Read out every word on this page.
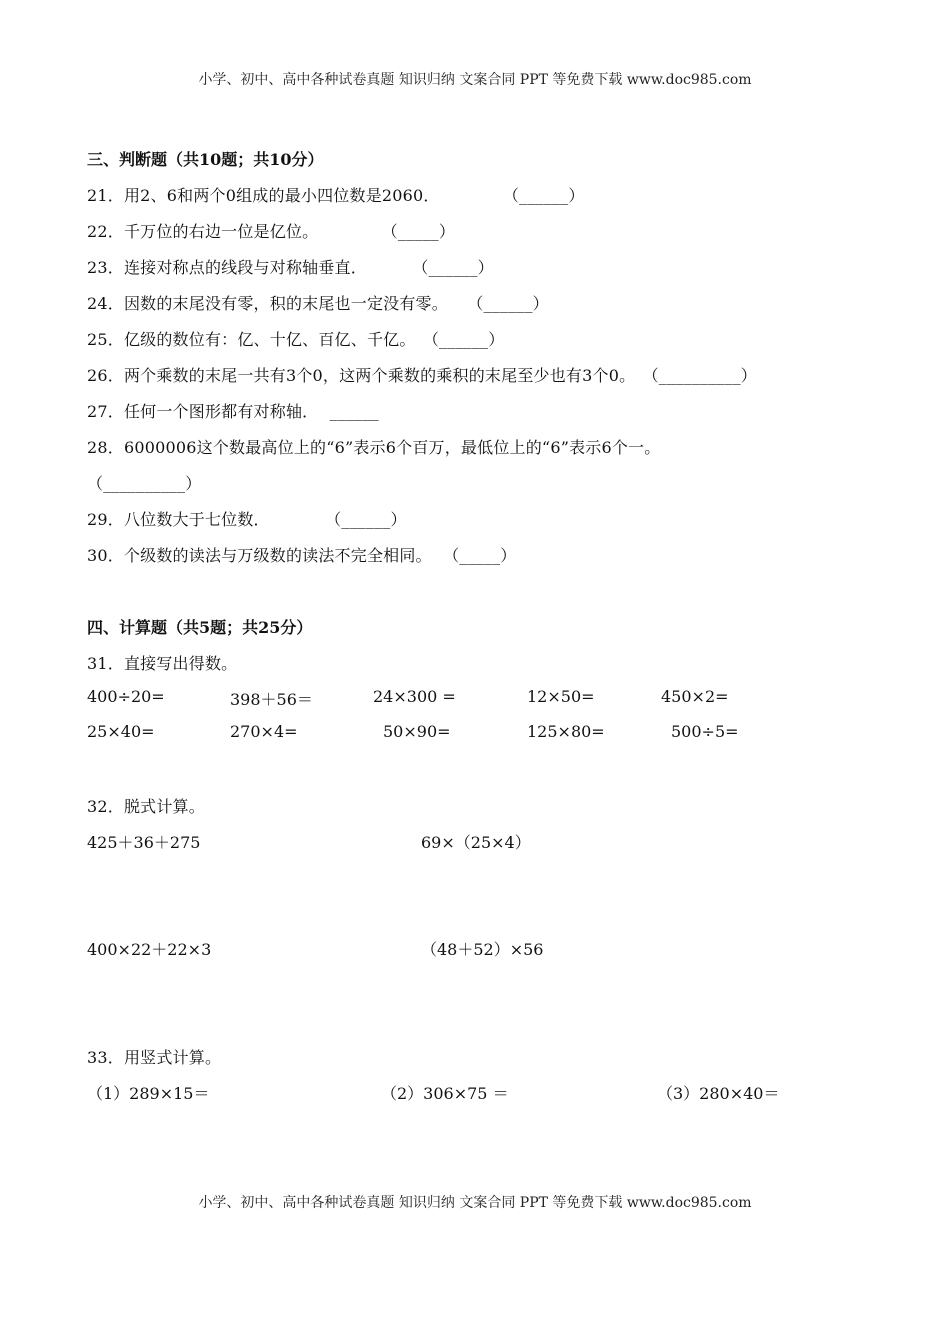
小学、初中、高中各种试卷真题 知识归纳 文案合同 PPT 等免费下载 www.doc985.com
三、判断题（共10题；共10分）
21．用2、6和两个0组成的最小四位数是2060．	（______）
22．千万位的右边一位是亿位。	（_____）
23．连接对称点的线段与对称轴垂直．	（______）
24．因数的末尾没有零，积的末尾也一定没有零。 （______）
25．亿级的数位有：亿、十亿、百亿、千亿。 （______）
26．两个乘数的末尾一共有3个0，这两个乘数的乘积的末尾至少也有3个0。 （__________）
27．任何一个图形都有对称轴． ______
28．6000006这个数最高位上的“6”表示6个百万，最低位上的“6”表示6个一。
（__________）
29．八位数大于七位数．	（______）
30．个级数的读法与万级数的读法不完全相同。 （_____）
四、计算题（共5题；共25分）
31．直接写出得数。
400÷20=	398＋56＝	24×300 =	12×50=	450×2=
25×40=	270×4=	50×90=	125×80=	500÷5=
32．脱式计算。
425＋36＋275	69×（25×4）
400×22＋22×3	（48＋52）×56
33．用竖式计算。
（1）289×15＝	（2）306×75 ＝	（3）280×40＝
小学、初中、高中各种试卷真题 知识归纳 文案合同 PPT 等免费下载 www.doc985.com
